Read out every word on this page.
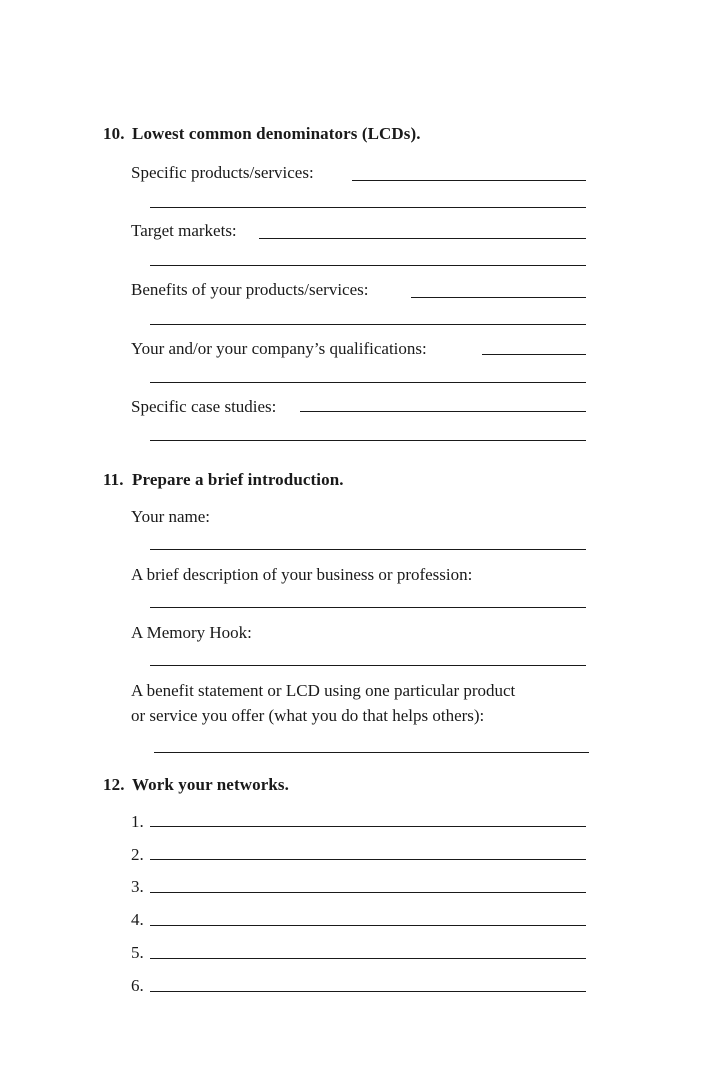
10. Lowest common denominators (LCDs).
Specific products/services:
Target markets:
Benefits of your products/services:
Your and/or your company’s qualifications:
Specific case studies:
11. Prepare a brief introduction.
Your name:
A brief description of your business or profession:
A Memory Hook:
A benefit statement or LCD using one particular product
or service you offer (what you do that helps others):
12. Work your networks.
1.
2.
3.
4.
5.
6.
